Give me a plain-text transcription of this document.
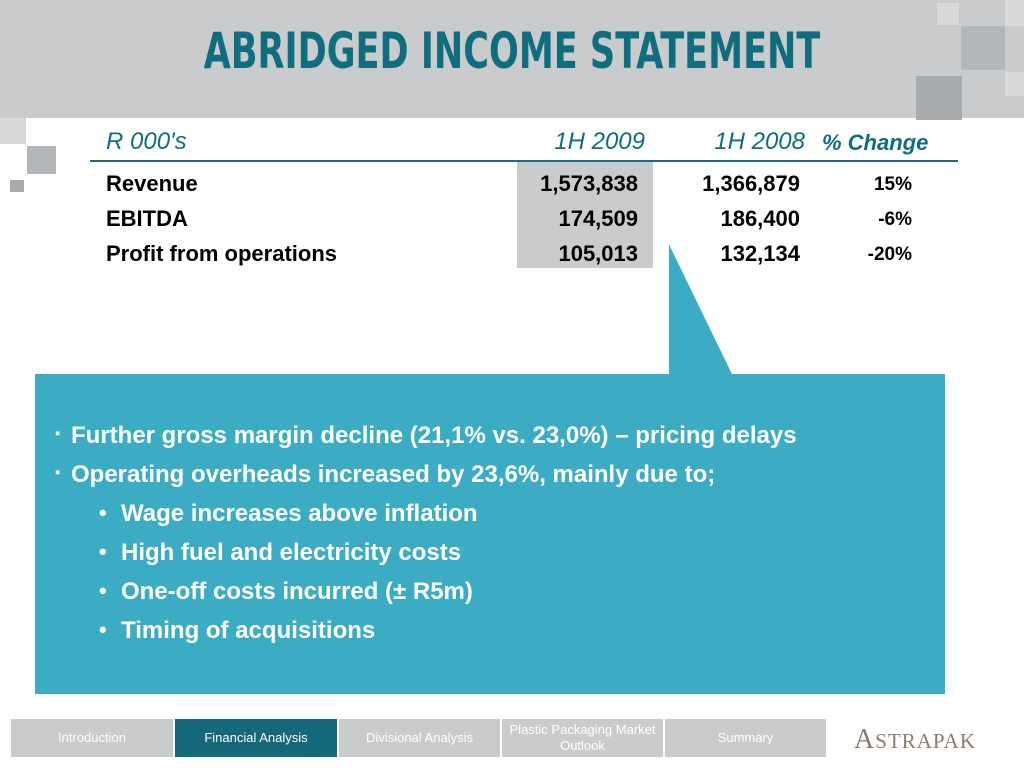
ABRIDGED INCOME STATEMENT
R 000's	1H 2009	1H 2008 % Change
Revenue	1,573,838	1,366,879	15%
EBITDA	174,509	186,400	-6%
Profit from operations	105,013	132,134	-20%
▪ Further gross margin decline (21,1% vs. 23,0%) – pricing delays
▪ Operating overheads increased by 23,6%, mainly due to;
• Wage increases above inflation
• High fuel and electricity costs
• One-off costs incurred (± R5m)
• Timing of acquisitions
Introduction	Financial Analysis	Divisional Analysis
Plastic Packaging Market Outlook
Summary	ASTRAPAK
